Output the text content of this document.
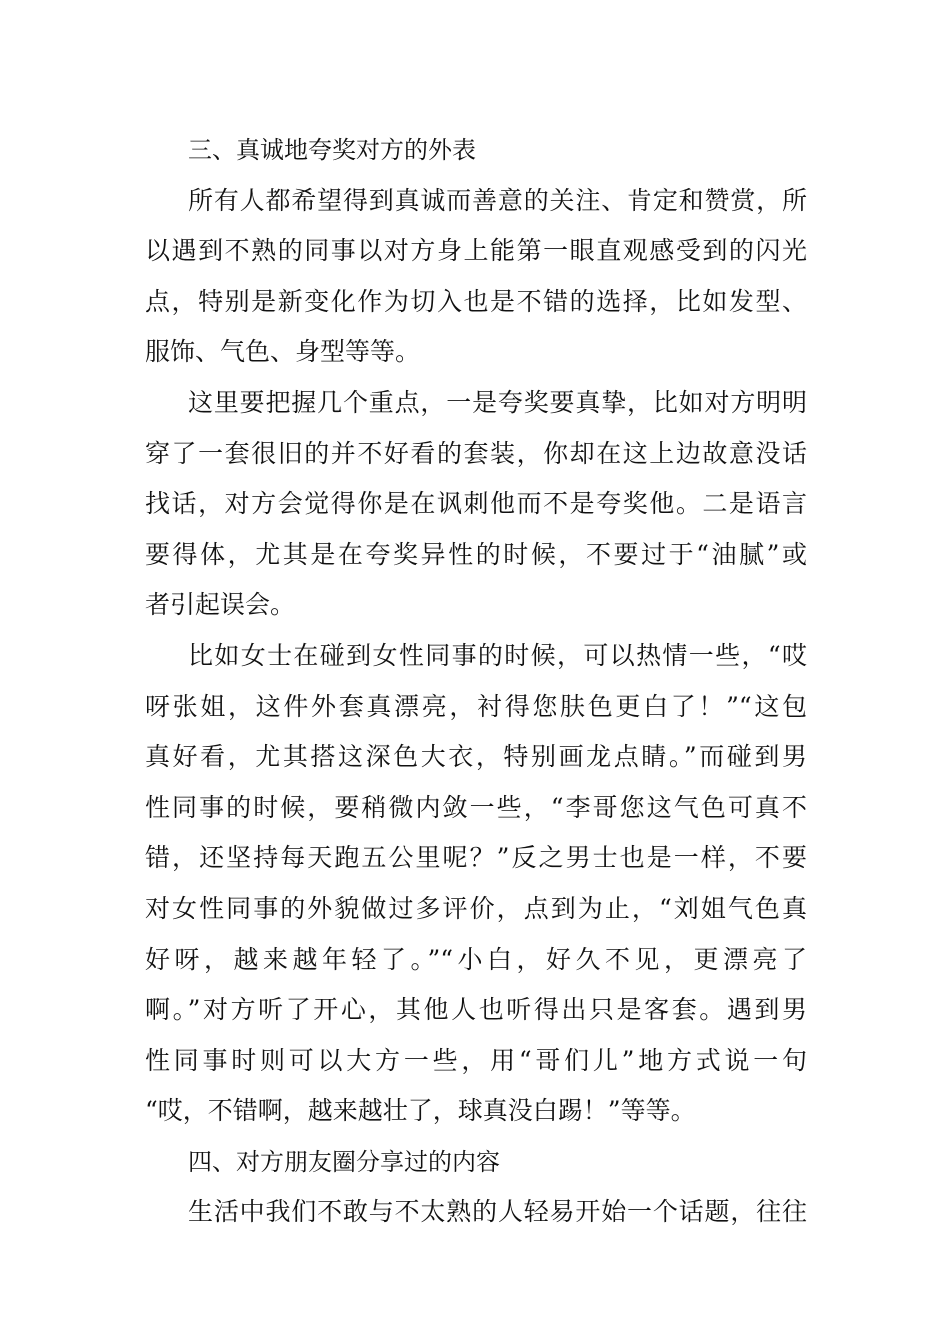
三、真诚地夸奖对方的外表
所有人都希望得到真诚而善意的关注、肯定和赞赏，所
以遇到不熟的同事以对方身上能第一眼直观感受到的闪光
点，特别是新变化作为切入也是不错的选择，比如发型、
服饰、气色、身型等等。
这里要把握几个重点，一是夸奖要真挚，比如对方明明
穿了一套很旧的并不好看的套装，你却在这上边故意没话
找话，对方会觉得你是在讽刺他而不是夸奖他。二是语言
要得体，尤其是在夸奖异性的时候，不要过于“油腻”或
者引起误会。
比如女士在碰到女性同事的时候，可以热情一些，“哎
呀张姐，这件外套真漂亮，衬得您肤色更白了！”“这包
真好看，尤其搭这深色大衣，特别画龙点睛。”而碰到男
性同事的时候，要稍微内敛一些，“李哥您这气色可真不
错，还坚持每天跑五公里呢？”反之男士也是一样，不要
对女性同事的外貌做过多评价，点到为止，“刘姐气色真
好呀，越来越年轻了。”“小白，好久不见，更漂亮了
啊。”对方听了开心，其他人也听得出只是客套。遇到男
性同事时则可以大方一些，用“哥们儿”地方式说一句
“哎，不错啊，越来越壮了，球真没白踢！”等等。
四、对方朋友圈分享过的内容
生活中我们不敢与不太熟的人轻易开始一个话题，往往
